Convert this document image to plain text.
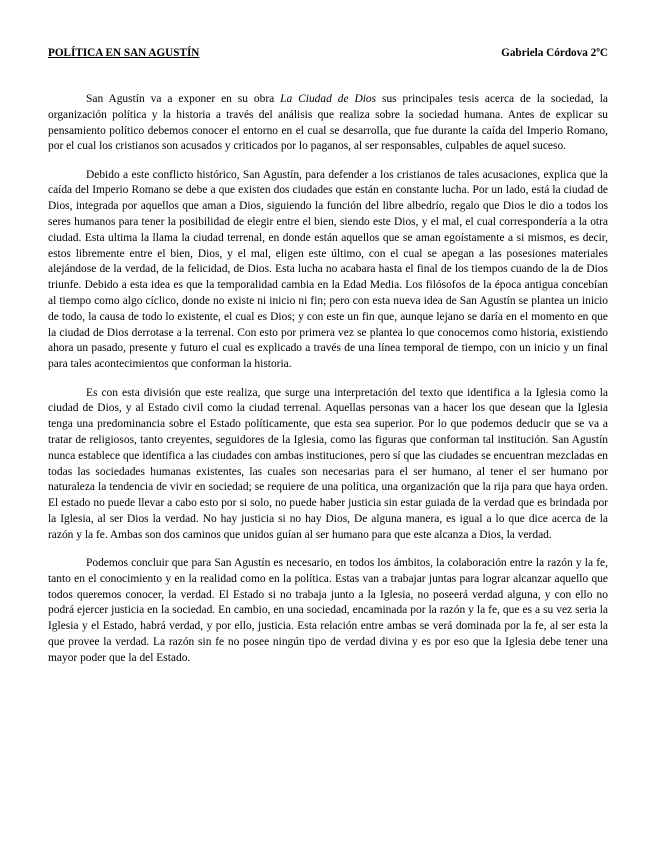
POLÍTICA EN SAN AGUSTÍN	Gabriela Córdova 2ºC

San Agustín va a exponer en su obra La Ciudad de Dios sus principales tesis acerca de la sociedad, la organización política y la historia a través del análisis que realiza sobre la sociedad humana. Antes de explicar su pensamiento político debemos conocer el entorno en el cual se desarrolla, que fue durante la caída del Imperio Romano, por el cual los cristianos son acusados y criticados por lo paganos, al ser responsables, culpables de aquel suceso.

Debido a este conflicto histórico, San Agustín, para defender a los cristianos de tales acusaciones, explica que la caída del Imperio Romano se debe a que existen dos ciudades que están en constante lucha. Por un lado, está la ciudad de Dios, integrada por aquellos que aman a Dios, siguiendo la función del libre albedrío, regalo que Dios le dio a todos los seres humanos para tener la posibilidad de elegir entre el bien, siendo este Dios, y el mal, el cual correspondería a la otra ciudad. Esta ultima la llama la ciudad terrenal, en donde están aquellos que se aman egoístamente a si mismos, es decir, estos libremente entre el bien, Dios, y el mal, eligen este último, con el cual se apegan a las posesiones materiales alejándose de la verdad, de la felicidad, de Dios. Esta lucha no acabara hasta el final de los tiempos cuando de la de Dios triunfe. Debido a esta idea es que la temporalidad cambia en la Edad Media. Los filósofos de la época antigua concebían al tiempo como algo cíclico, donde no existe ni inicio ni fin; pero con esta nueva idea de San Agustín se plantea un inicio de todo, la causa de todo lo existente, el cual es Dios; y con este un fin que, aunque lejano se daría en el momento en que la ciudad de Dios derrotase a la terrenal. Con esto por primera vez se plantea lo que conocemos como historia, existiendo ahora un pasado, presente y futuro el cual es explicado a través de una línea temporal de tiempo, con un inicio y un final para tales acontecimientos que conforman la historia.

Es con esta división que este realiza, que surge una interpretación del texto que identifica a la Iglesia como la ciudad de Dios, y al Estado civil como la ciudad terrenal. Aquellas personas van a hacer los que desean que la Iglesia tenga una predominancia sobre el Estado políticamente, que esta sea superior. Por lo que podemos deducir que se va a tratar de religiosos, tanto creyentes, seguidores de la Iglesia, como las figuras que conforman tal institución. San Agustín nunca establece que identifica a las ciudades con ambas instituciones, pero sí que las ciudades se encuentran mezcladas en todas las sociedades humanas existentes, las cuales son necesarias para el ser humano, al tener el ser humano por naturaleza la tendencia de vivir en sociedad; se requiere de una política, una organización que la rija para que haya orden. El estado no puede llevar a cabo esto por si solo, no puede haber justicia sin estar guiada de la verdad que es brindada por la Iglesia, al ser Dios la verdad. No hay justicia si no hay Dios, De alguna manera, es igual a lo que dice acerca de la razón y la fe. Ambas son dos caminos que unidos guían al ser humano para que este alcanza a Dios, la verdad.

Podemos concluir que para San Agustín es necesario, en todos los ámbitos, la colaboración entre la razón y la fe, tanto en el conocimiento y en la realidad como en la política. Estas van a trabajar juntas para lograr alcanzar aquello que todos queremos conocer, la verdad. El Estado si no trabaja junto a la Iglesia, no poseerá verdad alguna, y con ello no podrá ejercer justicia en la sociedad. En cambio, en una sociedad, encaminada por la razón y la fe, que es a su vez seria la Iglesia y el Estado, habrá verdad, y por ello, justicia. Esta relación entre ambas se verá dominada por la fe, al ser esta la que provee la verdad. La razón sin fe no posee ningún tipo de verdad divina y es por eso que la Iglesia debe tener una mayor poder que la del Estado.
